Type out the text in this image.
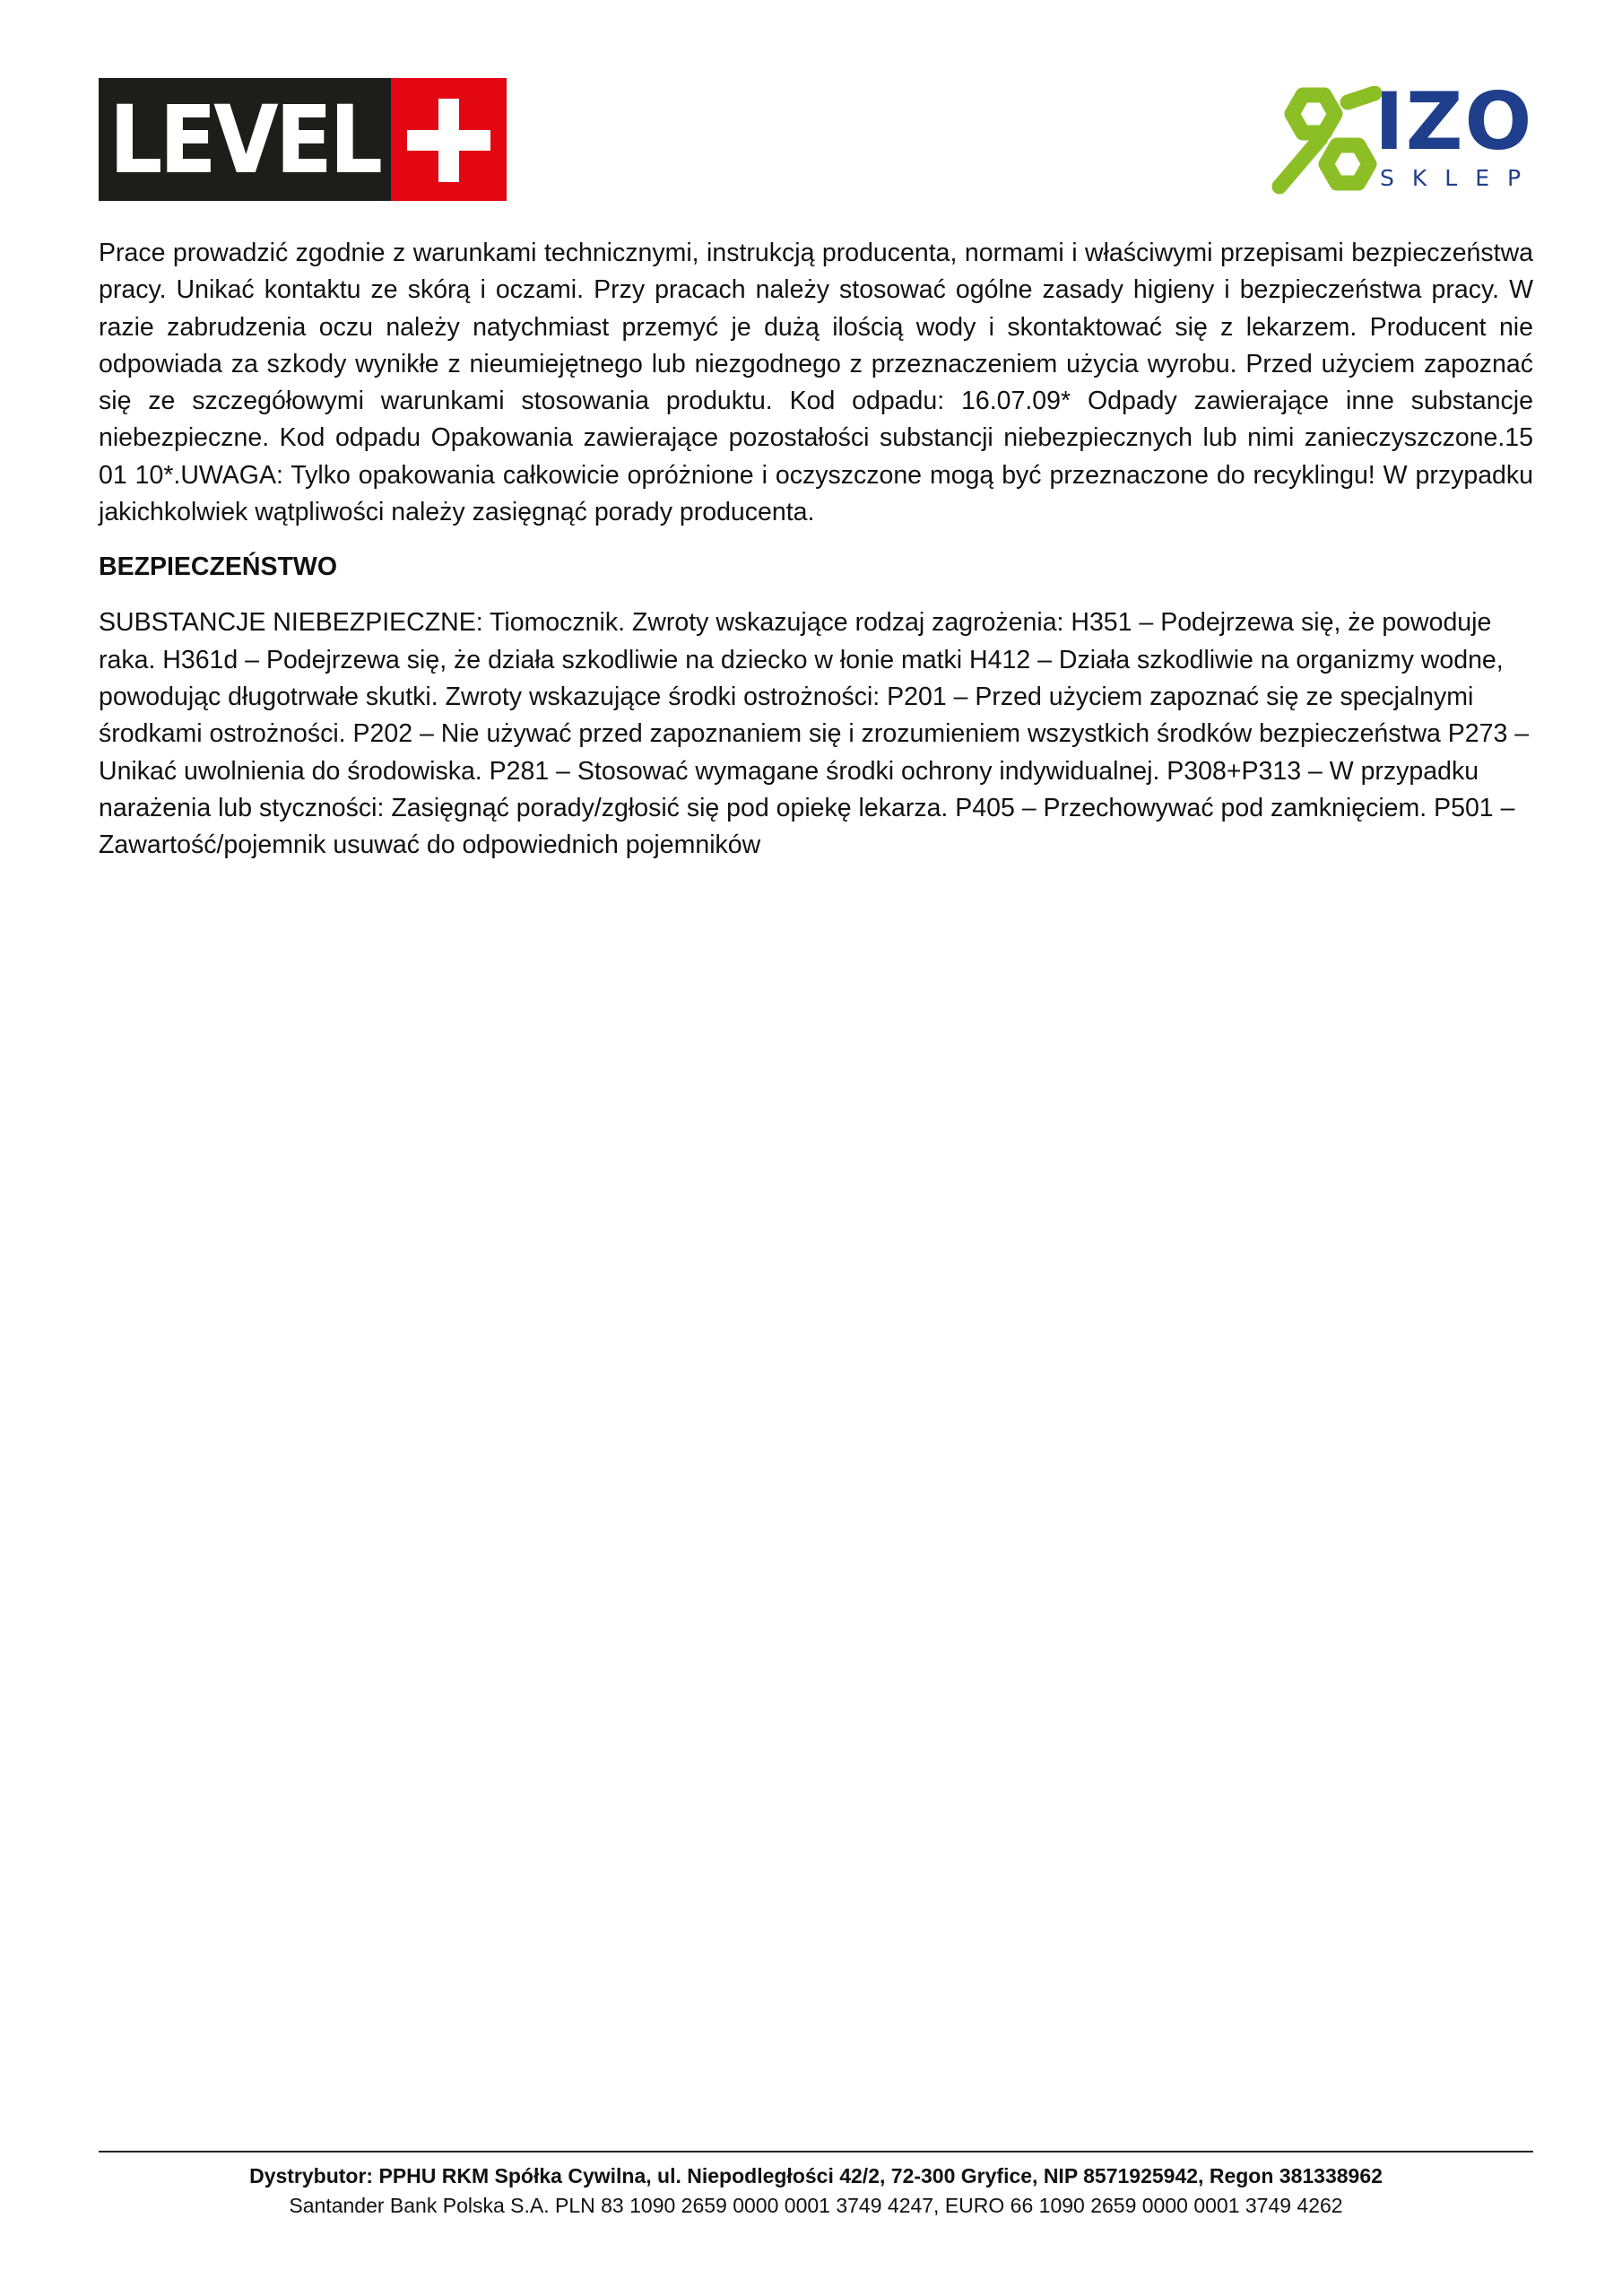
LEVEL	IZO
SKLEP

Prace prowadzić zgodnie z warunkami technicznymi, instrukcją producenta, normami i właściwymi przepisami bezpieczeństwa pracy. Unikać kontaktu ze skórą i oczami. Przy pracach należy stosować ogólne zasady higieny i bezpieczeństwa pracy. W razie zabrudzenia oczu należy natychmiast przemyć je dużą ilością wody i skontaktować się z lekarzem. Producent nie odpowiada za szkody wynikłe z nieumiejętnego lub niezgodnego z przeznaczeniem użycia wyrobu. Przed użyciem zapoznać się ze szczegółowymi warunkami stosowania produktu. Kod odpadu: 16.07.09* Odpady zawierające inne substancje niebezpieczne. Kod odpadu Opakowania zawierające pozostałości substancji niebezpiecznych lub nimi zanieczyszczone.15 01 10*.UWAGA: Tylko opakowania całkowicie opróżnione i oczyszczone mogą być przeznaczone do recyklingu! W przypadku jakichkolwiek wątpliwości należy zasięgnąć porady producenta.

BEZPIECZEŃSTWO

SUBSTANCJE NIEBEZPIECZNE: Tiomocznik. Zwroty wskazujące rodzaj zagrożenia: H351 – Podejrzewa się, że powoduje raka. H361d – Podejrzewa się, że działa szkodliwie na dziecko w łonie matki H412 – Działa szkodliwie na organizmy wodne, powodując długotrwałe skutki. Zwroty wskazujące środki ostrożności: P201 – Przed użyciem zapoznać się ze specjalnymi środkami ostrożności. P202 – Nie używać przed zapoznaniem się i zrozumieniem wszystkich środków bezpieczeństwa P273 – Unikać uwolnienia do środowiska. P281 – Stosować wymagane środki ochrony indywidualnej. P308+P313 – W przypadku narażenia lub styczności: Zasięgnąć porady/zgłosić się pod opiekę lekarza. P405 – Przechowywać pod zamknięciem. P501 – Zawartość/pojemnik usuwać do odpowiednich pojemników

Dystrybutor: PPHU RKM Spółka Cywilna, ul. Niepodległości 42/2, 72-300 Gryfice, NIP 8571925942, Regon 381338962
Santander Bank Polska S.A. PLN 83 1090 2659 0000 0001 3749 4247, EURO 66 1090 2659 0000 0001 3749 4262
